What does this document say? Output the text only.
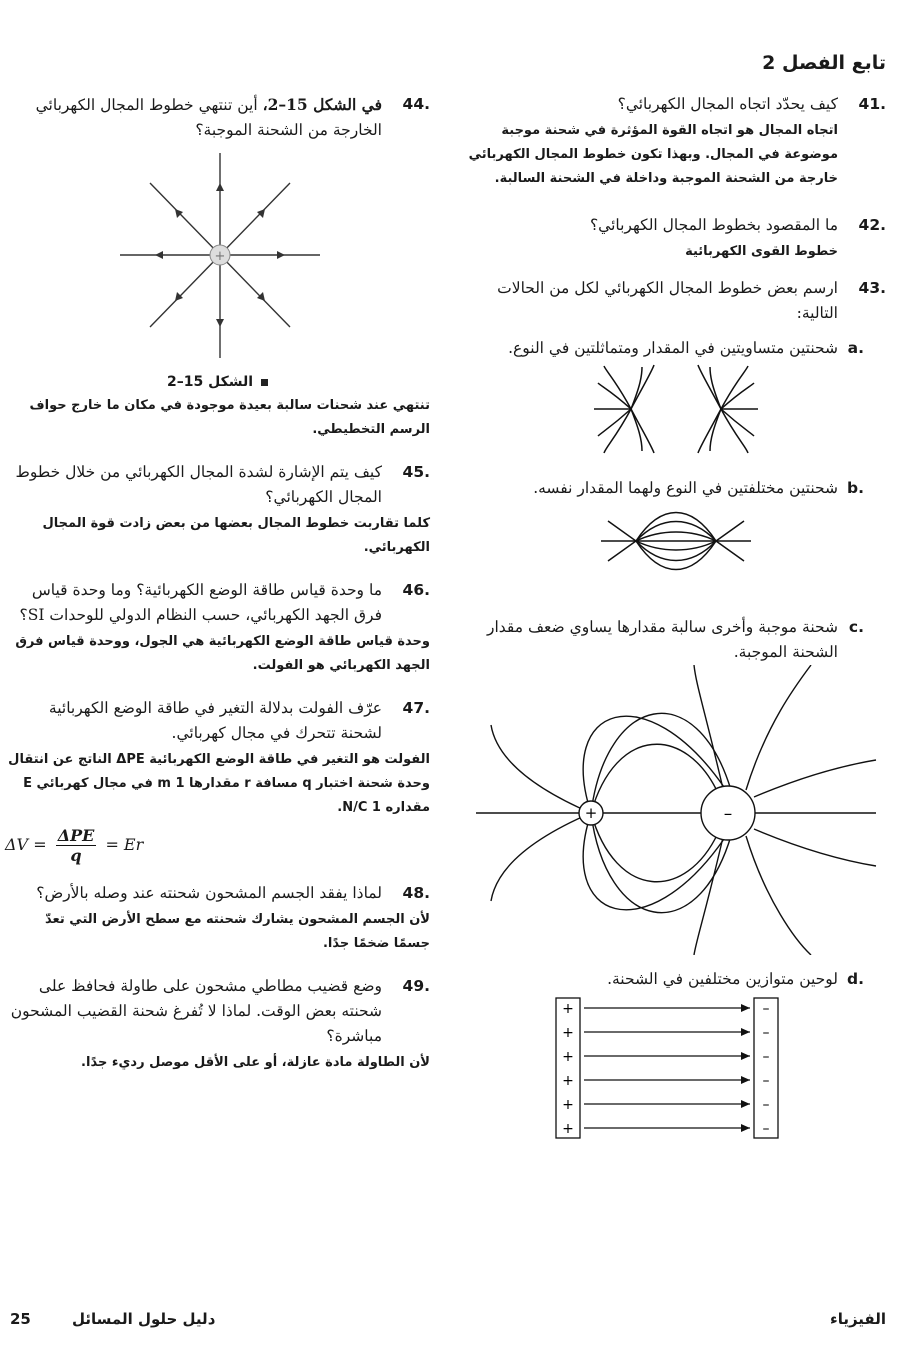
تابع الفصل 2
.41
كيف يحدّد اتجاه المجال الكهربائي؟
اتجاه المجال هو اتجاه القوة المؤثرة في شحنة موجبة موضوعة في المجال. وبهذا تكون خطوط المجال الكهربائي خارجة من الشحنة الموجبة وداخلة في الشحنة السالبة.
.42
ما المقصود بخطوط المجال الكهربائي؟
خطوط القوى الكهربائية
.43
ارسم بعض خطوط المجال الكهربائي لكل من الحالات التالية:
.a
شحنتين متساويتين في المقدار ومتماثلتين في النوع.
.b
شحنتين مختلفتين في النوع ولهما المقدار نفسه.
.c
شحنة موجبة وأخرى سالبة مقدارها يساوي ضعف مقدار الشحنة الموجبة.
+	–
.d
لوحين متوازين مختلفين في الشحنة.
+
+
+
+
+
+
–
–
–
–
–
–
.44
في الشكل 15–2، أين تنتهي خطوط المجال الكهربائي الخارجة من الشحنة الموجبة؟
+
الشكل 15–2
تنتهي عند شحنات سالبة بعيدة موجودة في مكان ما خارج حواف الرسم التخطيطي.
.45
كيف يتم الإشارة لشدة المجال الكهربائي من خلال خطوط المجال الكهربائي؟
كلما تقاربت خطوط المجال بعضها من بعض زادت قوة المجال الكهربائي.
.46
ما وحدة قياس طاقة الوضع الكهربائية؟ وما وحدة قياس فرق الجهد الكهربائي، حسب النظام الدولي للوحدات SI؟
وحدة قياس طاقة الوضع الكهربائية هي الجول، ووحدة قياس فرق الجهد الكهربائي هو الفولت.
.47
عرّف الفولت بدلالة التغير في طاقة الوضع الكهربائية لشحنة تتحرك في مجال كهربائي.
الفولت هو التغير في طاقة الوضع الكهربائية ΔPE الناتج عن انتقال وحدة شحنة اختبار q مسافة r مقدارها 1 m في مجال كهربائي E مقداره 1 N/C.
ΔV = ΔPE
q
= Er
.48
لماذا يفقد الجسم المشحون شحنته عند وصله بالأرض؟
لأن الجسم المشحون يشارك شحنته مع سطح الأرض التي تعدّ جسمًا ضخمًا جدًا.
.49
وضع قضيب مطاطي مشحون على طاولة فحافظ على شحنته بعض الوقت. لماذا لا تُفرغ شحنة القضيب المشحون مباشرة؟
لأن الطاولة مادة عازلة، أو على الأقل موصل رديء جدًا.
الفيزياء
دليل حلول المسائل
25
